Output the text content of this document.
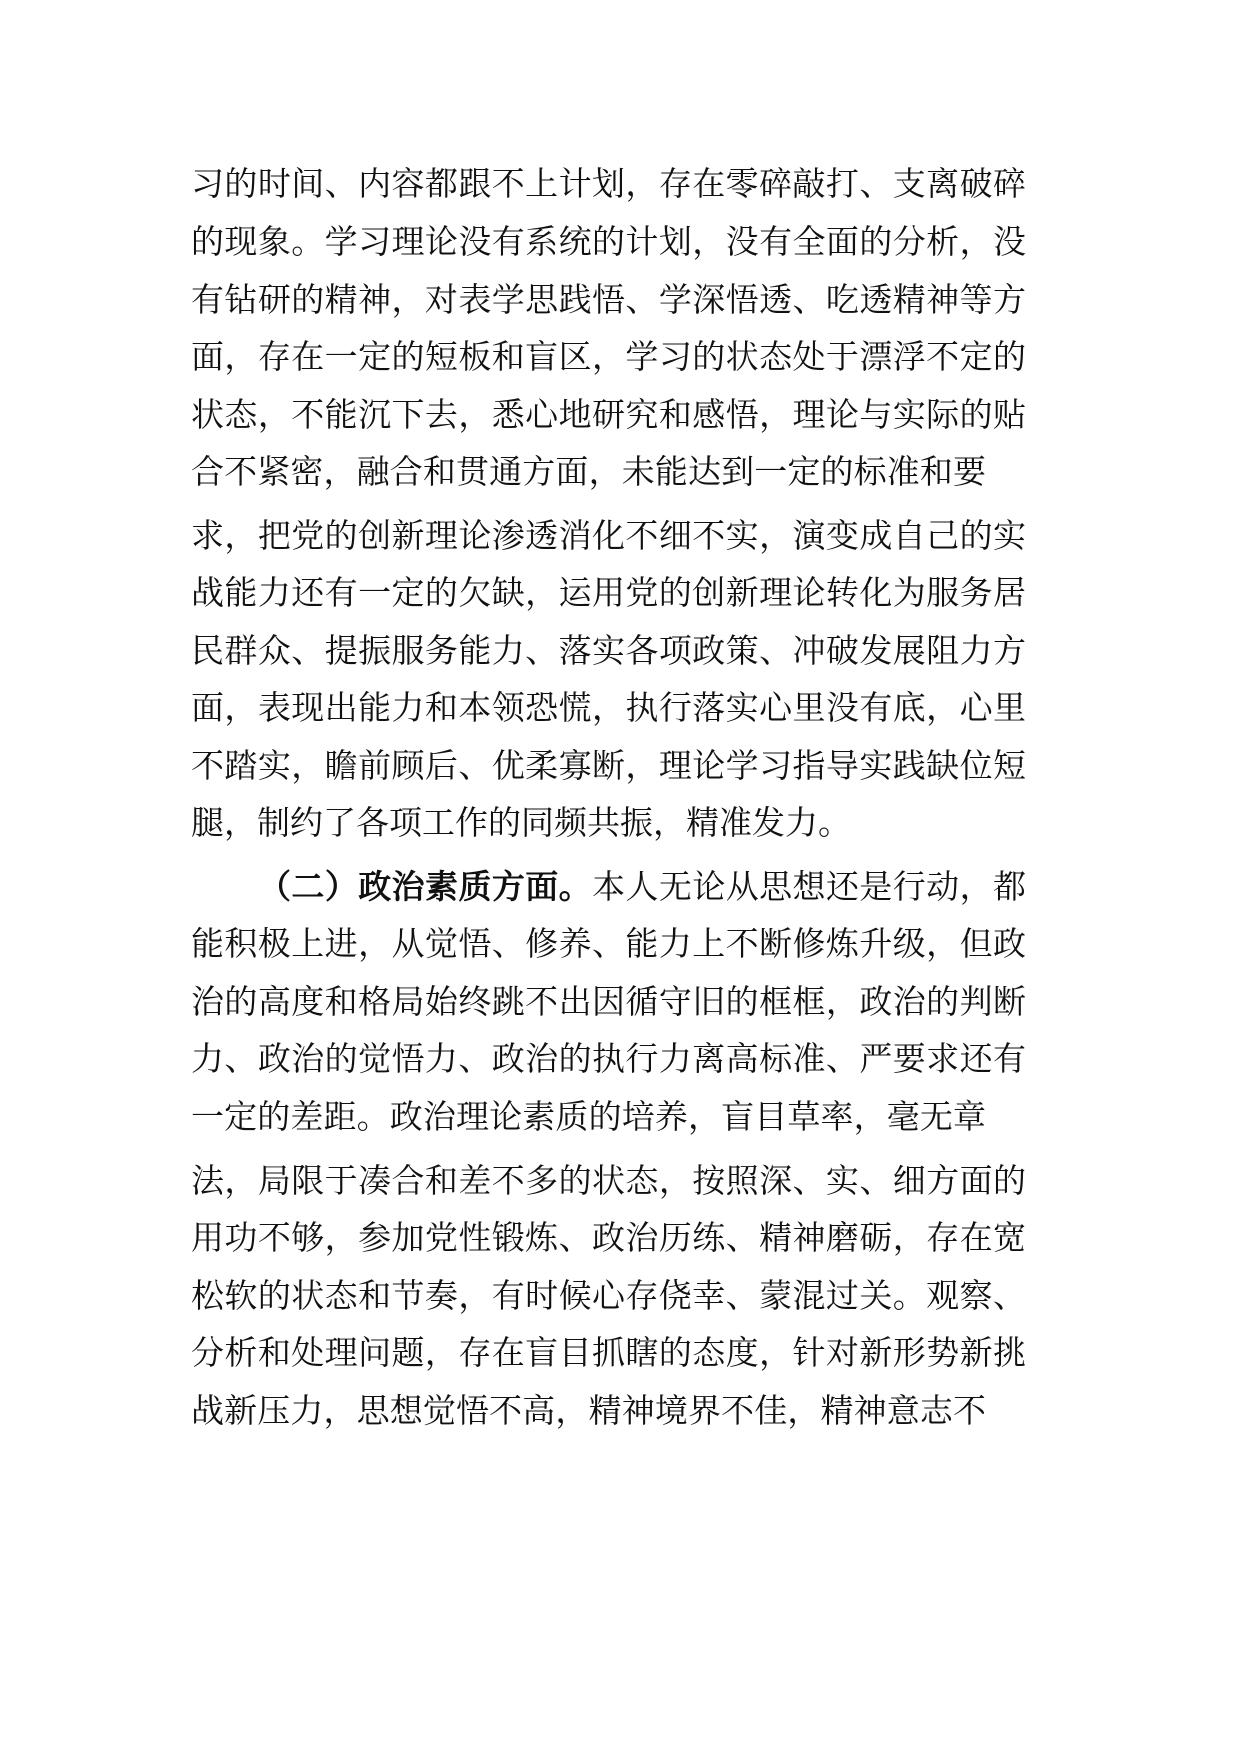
习的时间、内容都跟不上计划，存在零碎敲打、支离破碎
的现象。学习理论没有系统的计划，没有全面的分析，没
有钻研的精神，对表学思践悟、学深悟透、吃透精神等方
面，存在一定的短板和盲区，学习的状态处于漂浮不定的
状态，不能沉下去，悉心地研究和感悟，理论与实际的贴
合不紧密，融合和贯通方面，未能达到一定的标准和要
求，把党的创新理论渗透消化不细不实，演变成自己的实
战能力还有一定的欠缺，运用党的创新理论转化为服务居
民群众、提振服务能力、落实各项政策、冲破发展阻力方
面，表现出能力和本领恐慌，执行落实心里没有底，心里
不踏实，瞻前顾后、优柔寡断，理论学习指导实践缺位短
腿，制约了各项工作的同频共振，精准发力。
（二）政治素质方面。本人无论从思想还是行动，都
能积极上进，从觉悟、修养、能力上不断修炼升级，但政
治的高度和格局始终跳不出因循守旧的框框，政治的判断
力、政治的觉悟力、政治的执行力离高标准、严要求还有
一定的差距。政治理论素质的培养，盲目草率，毫无章
法，局限于凑合和差不多的状态，按照深、实、细方面的
用功不够，参加党性锻炼、政治历练、精神磨砺，存在宽
松软的状态和节奏，有时候心存侥幸、蒙混过关。观察、
分析和处理问题，存在盲目抓瞎的态度，针对新形势新挑
战新压力，思想觉悟不高，精神境界不佳，精神意志不
